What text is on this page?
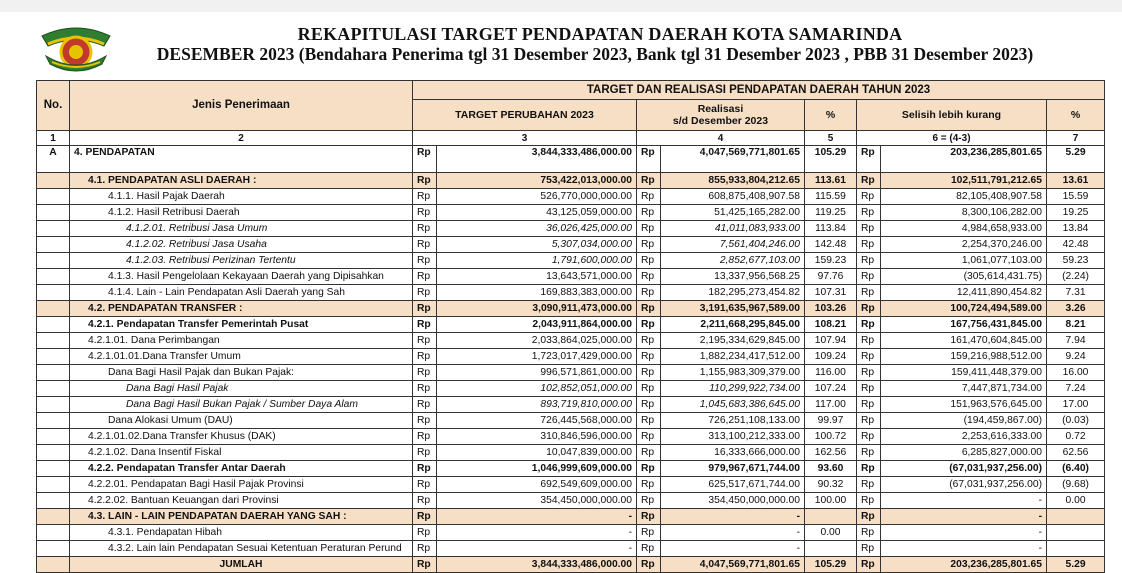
REKAPITULASI TARGET PENDAPATAN DAERAH KOTA SAMARINDA
DESEMBER 2023 (Bendahara Penerima tgl 31 Desember 2023, Bank tgl 31 Desember 2023 , PBB 31 Desember 2023)
No.	Jenis Penerimaan	TARGET DAN REALISASI PENDAPATAN DAERAH TAHUN 2023							
		TARGET PERUBAHAN 2023		Realisasi
s/d Desember 2023		%	Selisih lebih kurang		%
1	2	3		4		5	6 = (4-3)		7
A	4. PENDAPATAN	Rp	3,844,333,486,000.00	Rp	4,047,569,771,801.65	105.29	Rp	203,236,285,801.65	5.29
	4.1. PENDAPATAN ASLI DAERAH :	Rp	753,422,013,000.00	Rp	855,933,804,212.65	113.61	Rp	102,511,791,212.65	13.61
	4.1.1. Hasil Pajak Daerah	Rp	526,770,000,000.00	Rp	608,875,408,907.58	115.59	Rp	82,105,408,907.58	15.59
	4.1.2. Hasil Retribusi Daerah	Rp	43,125,059,000.00	Rp	51,425,165,282.00	119.25	Rp	8,300,106,282.00	19.25
	4.1.2.01. Retribusi Jasa Umum	Rp	36,026,425,000.00	Rp	41,011,083,933.00	113.84	Rp	4,984,658,933.00	13.84
	4.1.2.02. Retribusi Jasa Usaha	Rp	5,307,034,000.00	Rp	7,561,404,246.00	142.48	Rp	2,254,370,246.00	42.48
	4.1.2.03. Retribusi Perizinan Tertentu	Rp	1,791,600,000.00	Rp	2,852,677,103.00	159.23	Rp	1,061,077,103.00	59.23
	4.1.3. Hasil Pengelolaan Kekayaan Daerah yang Dipisahkan	Rp	13,643,571,000.00	Rp	13,337,956,568.25	97.76	Rp	(305,614,431.75)	(2.24)
	4.1.4. Lain - Lain Pendapatan Asli Daerah yang Sah	Rp	169,883,383,000.00	Rp	182,295,273,454.82	107.31	Rp	12,411,890,454.82	7.31
	4.2. PENDAPATAN TRANSFER :	Rp	3,090,911,473,000.00	Rp	3,191,635,967,589.00	103.26	Rp	100,724,494,589.00	3.26
	4.2.1. Pendapatan Transfer Pemerintah Pusat	Rp	2,043,911,864,000.00	Rp	2,211,668,295,845.00	108.21	Rp	167,756,431,845.00	8.21
	4.2.1.01. Dana Perimbangan	Rp	2,033,864,025,000.00	Rp	2,195,334,629,845.00	107.94	Rp	161,470,604,845.00	7.94
	4.2.1.01.01.Dana Transfer Umum	Rp	1,723,017,429,000.00	Rp	1,882,234,417,512.00	109.24	Rp	159,216,988,512.00	9.24
	Dana Bagi Hasil Pajak dan Bukan Pajak:	Rp	996,571,861,000.00	Rp	1,155,983,309,379.00	116.00	Rp	159,411,448,379.00	16.00
	Dana Bagi Hasil Pajak	Rp	102,852,051,000.00	Rp	110,299,922,734.00	107.24	Rp	7,447,871,734.00	7.24
	Dana Bagi Hasil Bukan Pajak / Sumber Daya Alam	Rp	893,719,810,000.00	Rp	1,045,683,386,645.00	117.00	Rp	151,963,576,645.00	17.00
	Dana Alokasi Umum (DAU)	Rp	726,445,568,000.00	Rp	726,251,108,133.00	99.97	Rp	(194,459,867.00)	(0.03)
	4.2.1.01.02.Dana Transfer Khusus (DAK)	Rp	310,846,596,000.00	Rp	313,100,212,333.00	100.72	Rp	2,253,616,333.00	0.72
	4.2.1.02. Dana Insentif Fiskal	Rp	10,047,839,000.00	Rp	16,333,666,000.00	162.56	Rp	6,285,827,000.00	62.56
	4.2.2. Pendapatan Transfer Antar Daerah	Rp	1,046,999,609,000.00	Rp	979,967,671,744.00	93.60	Rp	(67,031,937,256.00)	(6.40)
	4.2.2.01. Pendapatan Bagi Hasil Pajak Provinsi	Rp	692,549,609,000.00	Rp	625,517,671,744.00	90.32	Rp	(67,031,937,256.00)	(9.68)
	4.2.2.02. Bantuan Keuangan dari Provinsi	Rp	354,450,000,000.00	Rp	354,450,000,000.00	100.00	Rp	-	0.00
	4.3. LAIN - LAIN PENDAPATAN DAERAH YANG SAH :	Rp	-	Rp	-		Rp	-	
	4.3.1. Pendapatan Hibah	Rp	-	Rp	-	0.00	Rp	-	
	4.3.2. Lain lain Pendapatan Sesuai Ketentuan Peraturan Perund	Rp	-	Rp	-		Rp	-	
	JUMLAH	Rp	3,844,333,486,000.00	Rp	4,047,569,771,801.65	105.29	Rp	203,236,285,801.65	5.29
